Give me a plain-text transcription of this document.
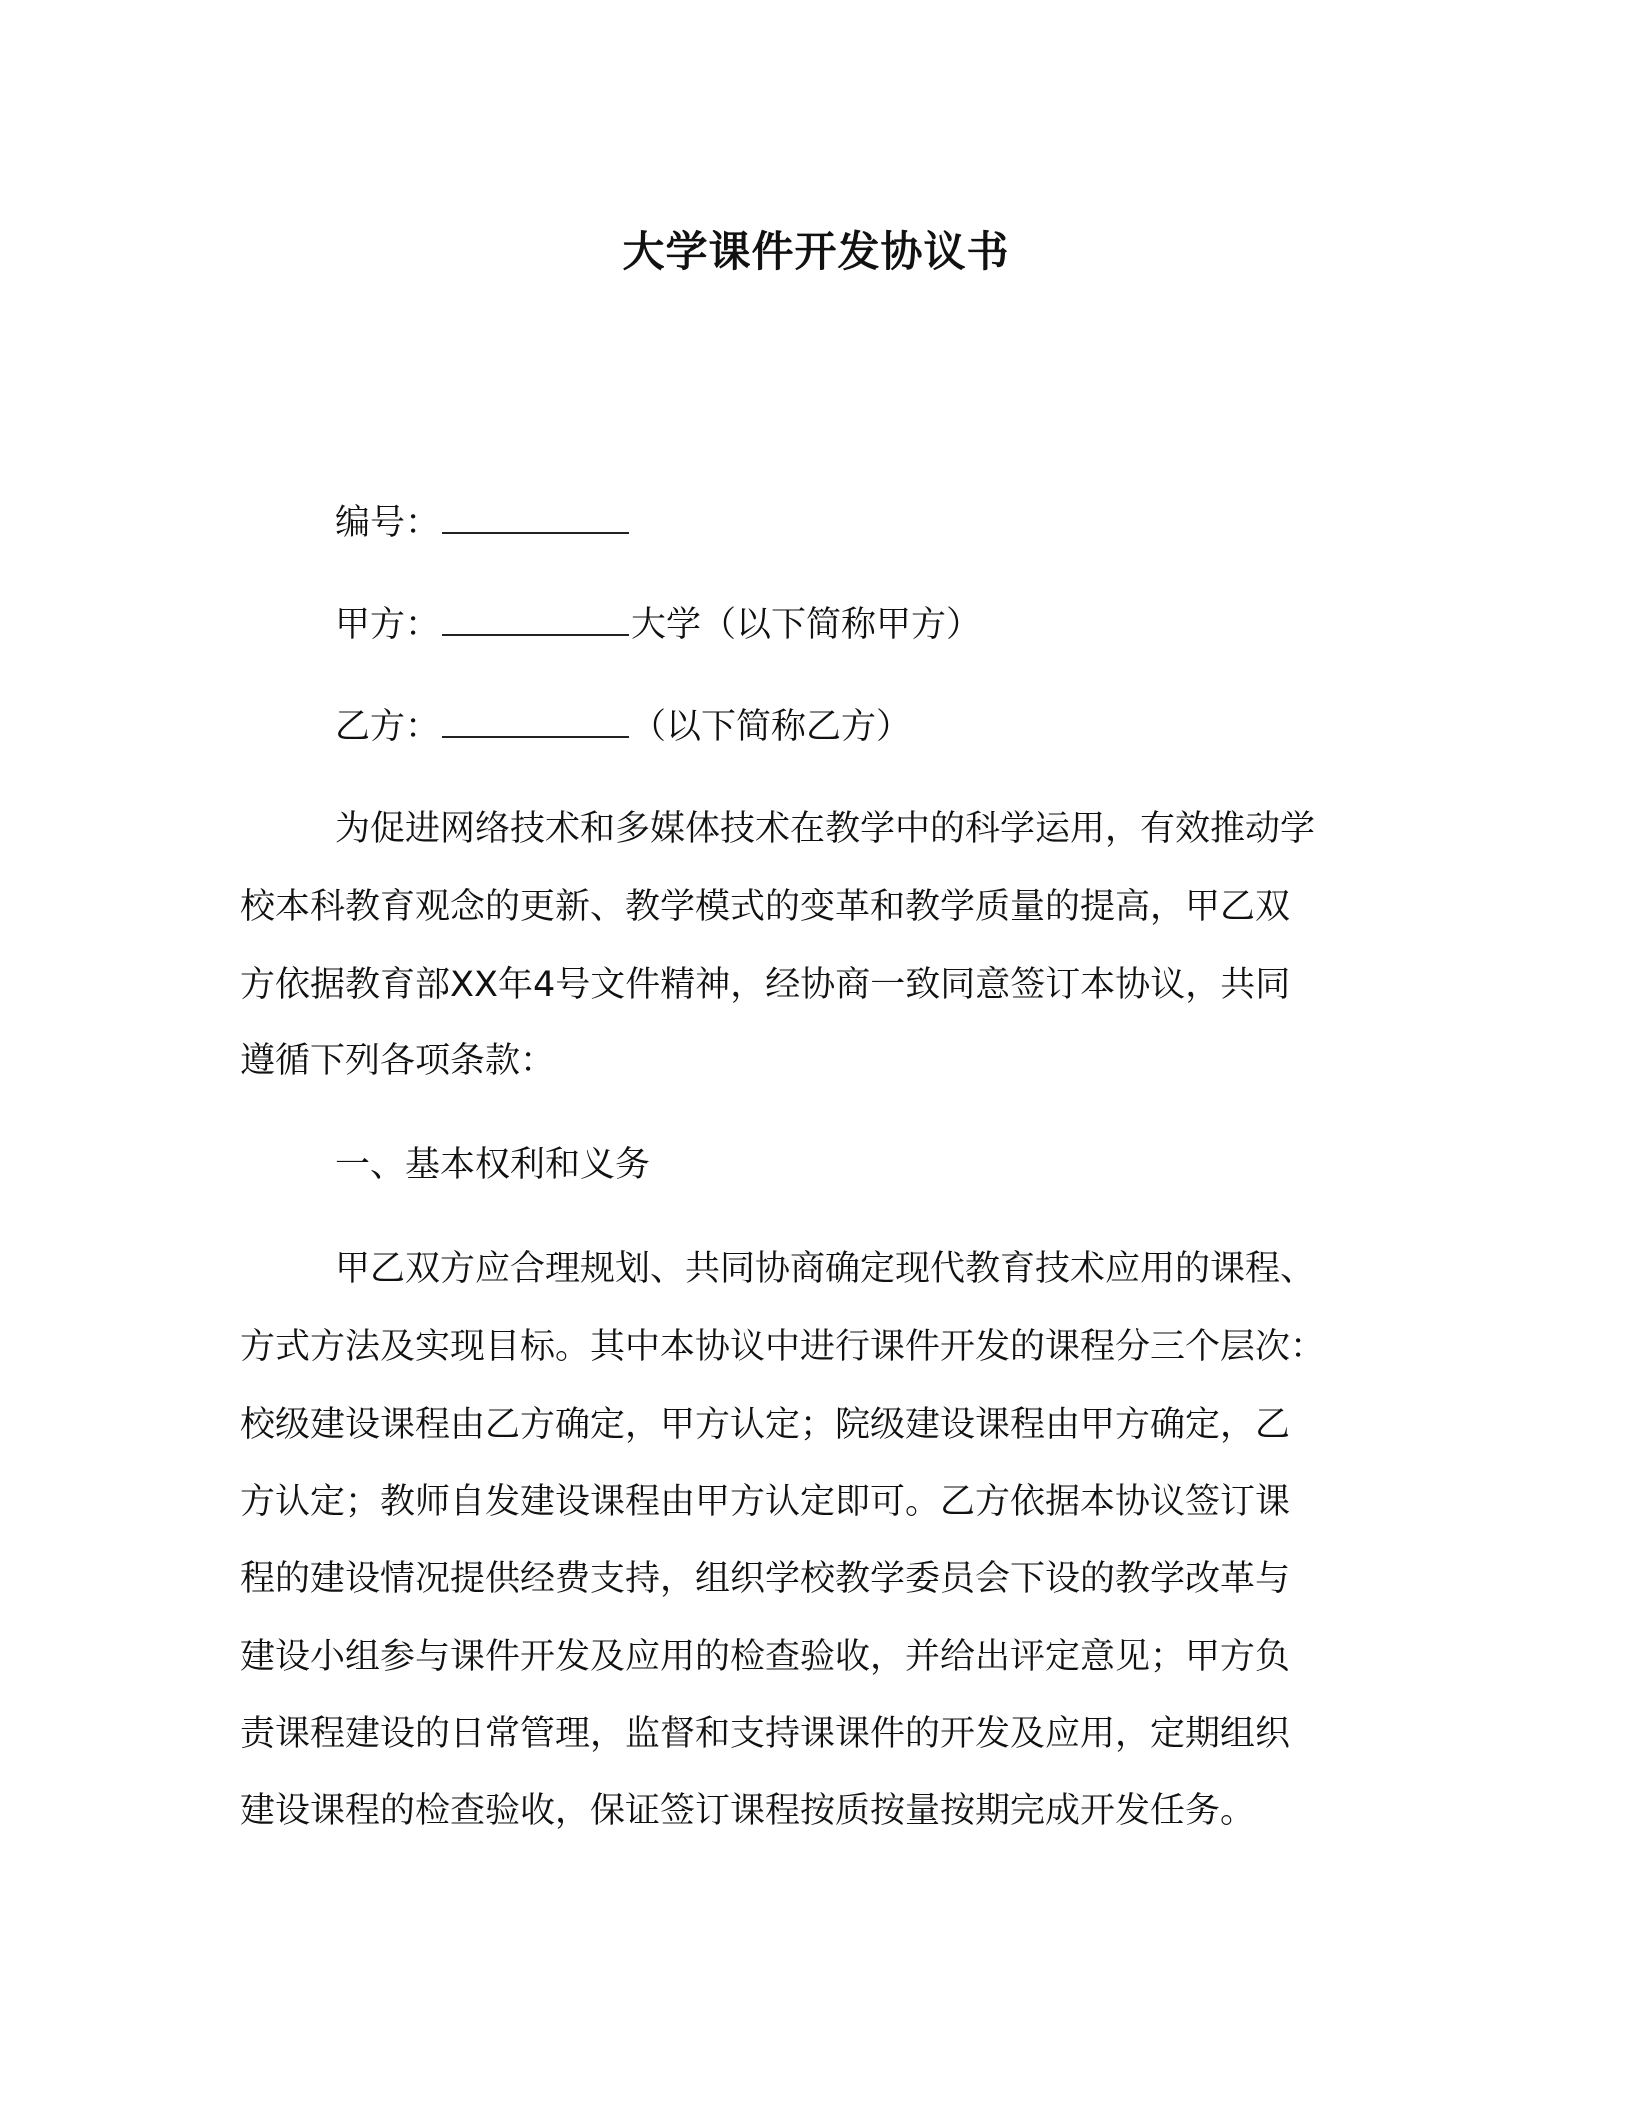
大学课件开发协议书
编号：
甲方：	大学（以下简称甲方）
乙方：	（以下简称乙方）
为促进网络技术和多媒体技术在教学中的科学运用，有效推动学
校本科教育观念的更新、教学模式的变革和教学质量的提高，甲乙双
方依据教育部XX年4号文件精神，经协商一致同意签订本协议，共同
遵循下列各项条款：
一、基本权利和义务
甲乙双方应合理规划、共同协商确定现代教育技术应用的课程、
方式方法及实现目标。其中本协议中进行课件开发的课程分三个层次：
校级建设课程由乙方确定，甲方认定；院级建设课程由甲方确定，乙
方认定；教师自发建设课程由甲方认定即可。乙方依据本协议签订课
程的建设情况提供经费支持，组织学校教学委员会下设的教学改革与
建设小组参与课件开发及应用的检查验收，并给出评定意见；甲方负
责课程建设的日常管理，监督和支持课课件的开发及应用，定期组织
建设课程的检查验收，保证签订课程按质按量按期完成开发任务。
